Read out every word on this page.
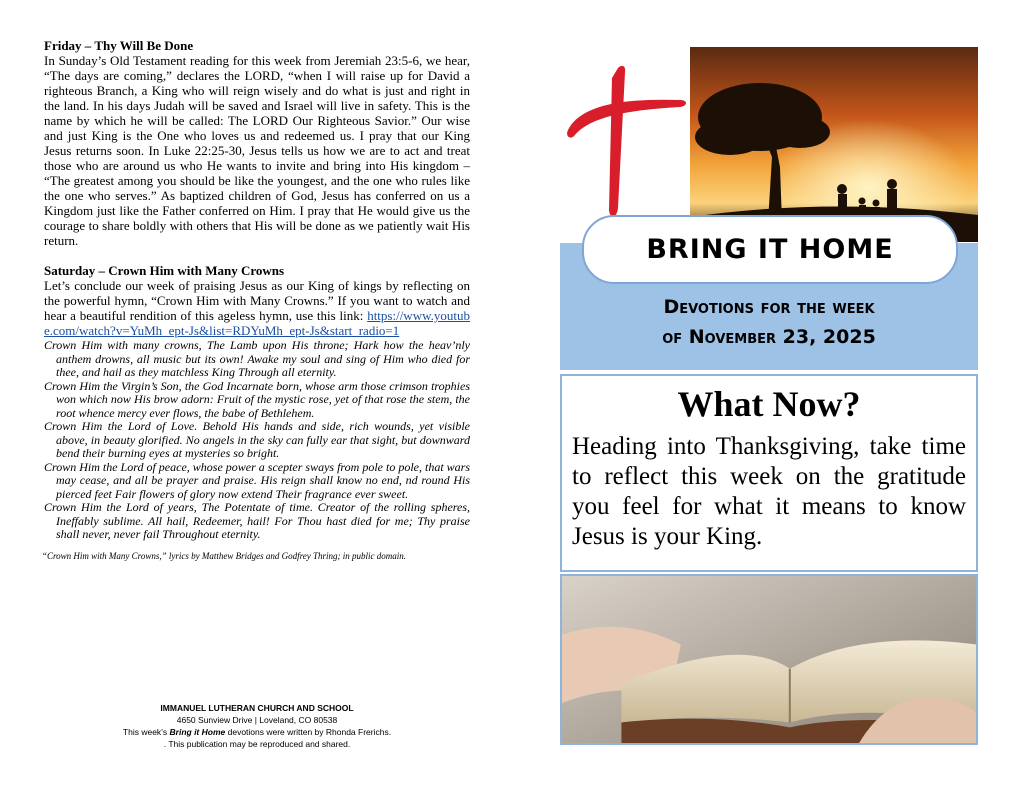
Friday – Thy Will Be Done

In Sunday’s Old Testament reading for this week from Jeremiah 23:5-6, we hear, “The days are coming,” declares the LORD, “when I will raise up for David a righteous Branch, a King who will reign wisely and do what is just and right in the land. In his days Judah will be saved and Israel will live in safety. This is the name by which he will be called: The LORD Our Righteous Savior.” Our wise and just King is the One who loves us and redeemed us. I pray that our King Jesus returns soon. In Luke 22:25-30, Jesus tells us how we are to act and treat those who are around us who He wants to invite and bring into His kingdom – “The greatest among you should be like the youngest, and the one who rules like the one who serves.” As baptized children of God, Jesus has conferred on us a Kingdom just like the Father conferred on Him. I pray that He would give us the courage to share boldly with others that His will be done as we patiently wait His return.

Saturday – Crown Him with Many Crowns

Let’s conclude our week of praising Jesus as our King of kings by reflecting on the powerful hymn, “Crown Him with Many Crowns.” If you want to watch and hear a beautiful rendition of this ageless hymn, use this link: https://www.youtube.com/watch?v=YuMh_ept-Js&list=RDYuMh_ept-Js&start_radio=1

Crown Him with many crowns, The Lamb upon His throne; Hark how the heav’nly anthem drowns, all music but its own! Awake my soul and sing of Him who died for thee, and hail as they matchless King Through all eternity.

Crown Him the Virgin’s Son, the God Incarnate born, whose arm those crimson trophies won which now His brow adorn: Fruit of the mystic rose, yet of that rose the stem, the root whence mercy ever flows, the babe of Bethlehem.

Crown Him the Lord of Love. Behold His hands and side, rich wounds, yet visible above, in beauty glorified. No angels in the sky can fully ear that sight, but downward bend their burning eyes at mysteries so bright.

Crown Him the Lord of peace, whose power a scepter sways from pole to pole, that wars may cease, and all be prayer and praise. His reign shall know no end, nd round His pierced feet Fair flowers of glory now extend Their fragrance ever sweet.

Crown Him the Lord of years, The Potentate of time. Creator of the rolling spheres, Ineffably sublime. All hail, Redeemer, hail! For Thou hast died for me; Thy praise shall never, never fail Throughout eternity.

“Crown Him with Many Crowns,” lyrics by Matthew Bridges and Godfrey Thring; in public domain.

IMMANUEL LUTHERAN CHURCH AND SCHOOL
4650 Sunview Drive | Loveland, CO 80538
This week’s Bring it Home devotions were written by Rhonda Frerichs.
. This publication may be reproduced and shared.
BRING IT HOME
Devotions for the week
of November 23, 2025
What Now?

Heading into Thanksgiving, take time to reflect this week on the gratitude you feel for what it means to know Jesus is your King.
